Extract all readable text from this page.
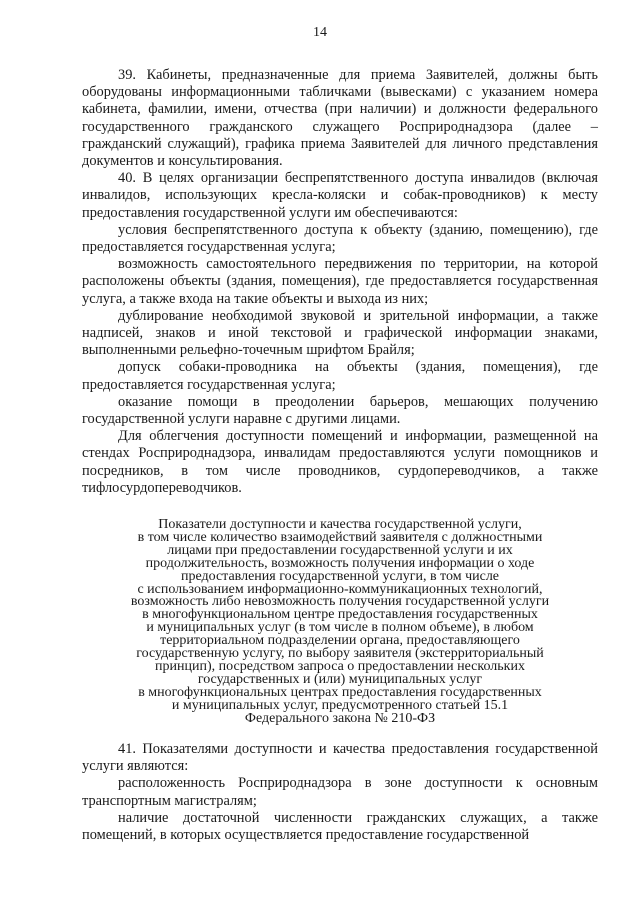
14

39. Кабинеты, предназначенные для приема Заявителей, должны быть оборудованы информационными табличками (вывесками) с указанием номера кабинета, фамилии, имени, отчества (при наличии) и должности федерального государственного гражданского служащего Росприроднадзора (далее – гражданский служащий), графика приема Заявителей для личного представления документов и консультирования.

40. В целях организации беспрепятственного доступа инвалидов (включая инвалидов, использующих кресла-коляски и собак-проводников) к месту предоставления государственной услуги им обеспечиваются:

условия беспрепятственного доступа к объекту (зданию, помещению), где предоставляется государственная услуга;

возможность самостоятельного передвижения по территории, на которой расположены объекты (здания, помещения), где предоставляется государственная услуга, а также входа на такие объекты и выхода из них;

дублирование необходимой звуковой и зрительной информации, а также надписей, знаков и иной текстовой и графической информации знаками, выполненными рельефно-точечным шрифтом Брайля;

допуск собаки-проводника на объекты (здания, помещения), где предоставляется государственная услуга;

оказание помощи в преодолении барьеров, мешающих получению государственной услуги наравне с другими лицами.

Для облегчения доступности помещений и информации, размещенной на стендах Росприроднадзора, инвалидам предоставляются услуги помощников и посредников, в том числе проводников, сурдопереводчиков, а также тифлосурдопереводчиков.

Показатели доступности и качества государственной услуги,

в том числе количество взаимодействий заявителя с должностными

лицами при предоставлении государственной услуги и их

продолжительность, возможность получения информации о ходе

предоставления государственной услуги, в том числе

с использованием информационно-коммуникационных технологий,

возможность либо невозможность получения государственной услуги

в многофункциональном центре предоставления государственных

и муниципальных услуг (в том числе в полном объеме), в любом

территориальном подразделении органа, предоставляющего

государственную услугу, по выбору заявителя (экстерриториальный

принцип), посредством запроса о предоставлении нескольких

государственных и (или) муниципальных услуг

в многофункциональных центрах предоставления государственных

и муниципальных услуг, предусмотренного статьей 15.1

Федерального закона № 210-ФЗ

41. Показателями доступности и качества предоставления государственной услуги являются:

расположенность Росприроднадзора в зоне доступности к основным транспортным магистралям;

наличие достаточной численности гражданских служащих, а также помещений, в которых осуществляется предоставление государственной
